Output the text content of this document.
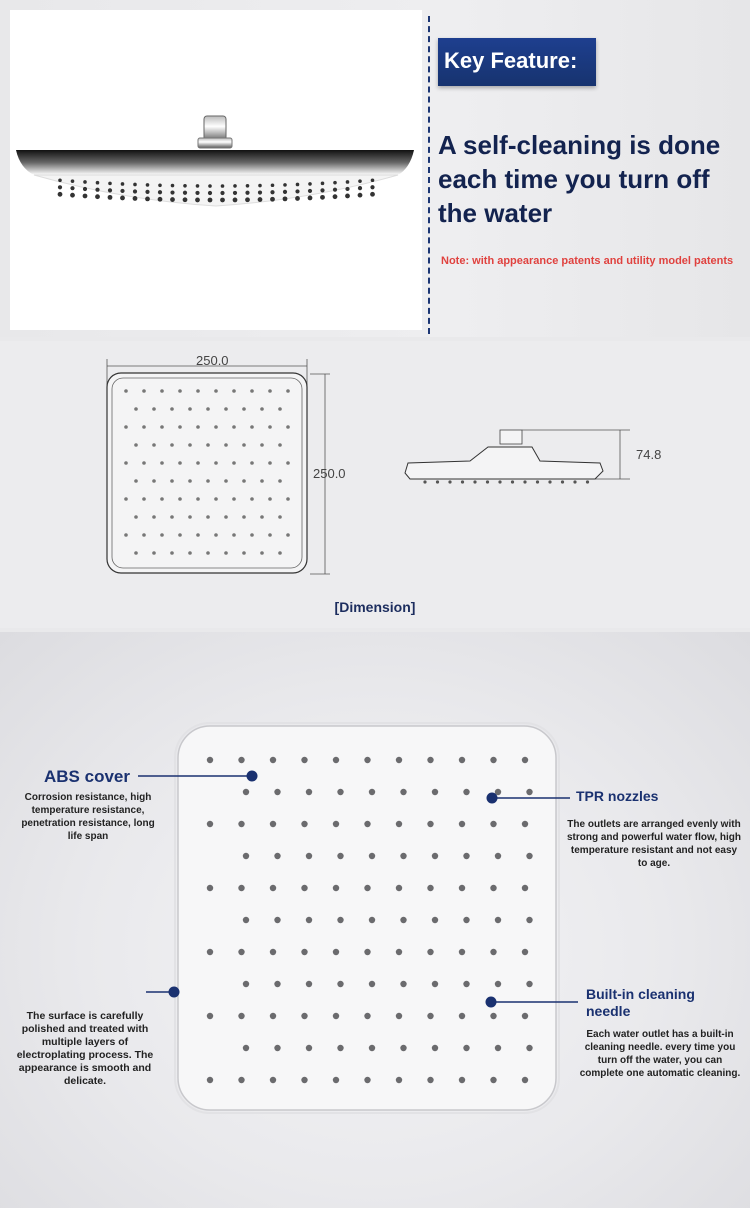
Key Feature:
A self-cleaning is done each time you turn off the water
Note: with appearance patents and utility model patents
250.0
250.0
74.8
[Dimension]
ABS cover
Corrosion resistance, high temperature resistance, penetration resistance, long life span
The surface is carefully polished and treated with multiple layers of electroplating process. The appearance is smooth and delicate.
TPR nozzles
The outlets are arranged evenly with strong and powerful water flow, high temperature resistant and not easy to age.
Built-in cleaning needle
Each water outlet has a built-in cleaning needle. every time you turn off the water, you can complete one automatic cleaning.
